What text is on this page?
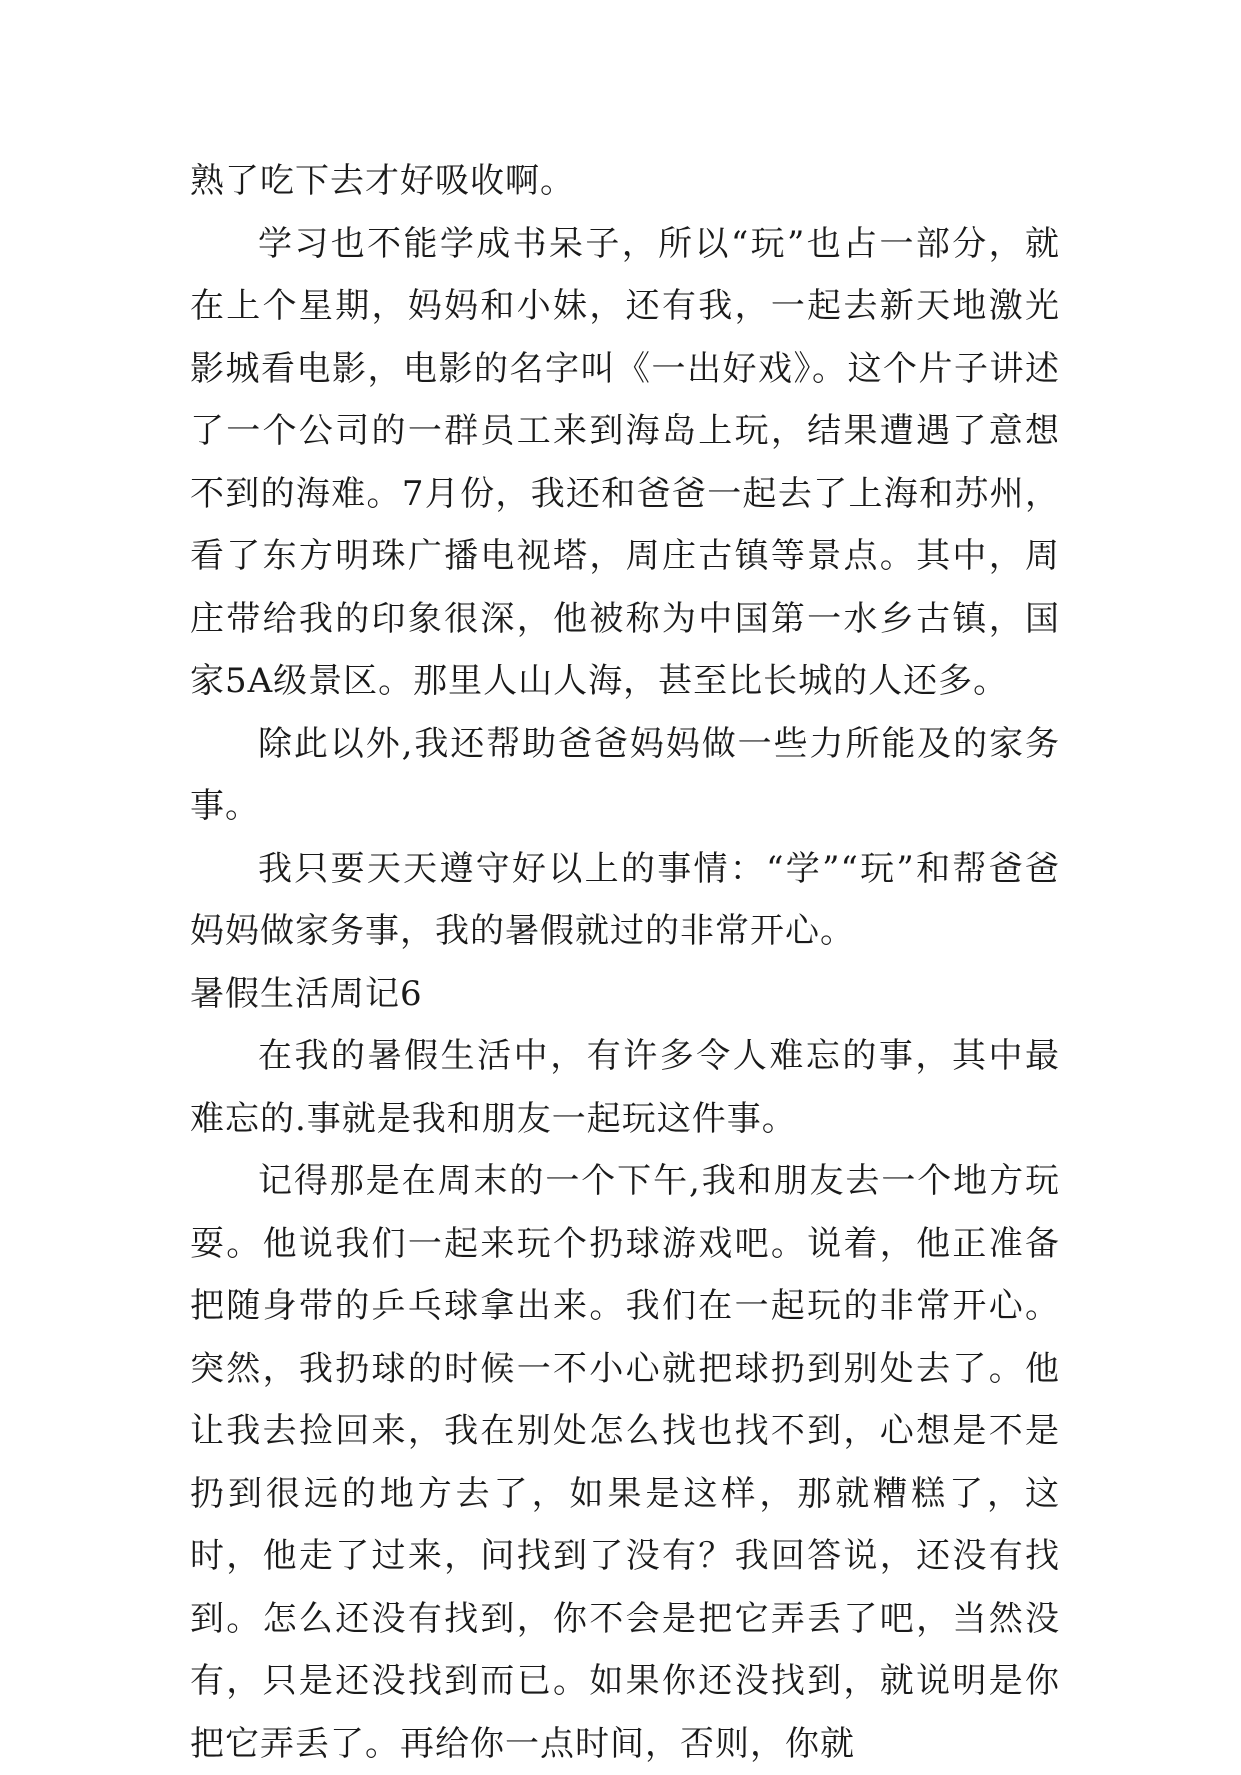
熟了吃下去才好吸收啊。

学习也不能学成书呆子，所以“玩”也占一部分，就在上个星期，妈妈和小妹，还有我，一起去新天地激光影城看电影，电影的名字叫《一出好戏》。这个片子讲述了一个公司的一群员工来到海岛上玩，结果遭遇了意想不到的海难。7月份，我还和爸爸一起去了上海和苏州，看了东方明珠广播电视塔，周庄古镇等景点。其中，周庄带给我的印象很深，他被称为中国第一水乡古镇，国家5A级景区。那里人山人海，甚至比长城的人还多。

除此以外,我还帮助爸爸妈妈做一些力所能及的家务事。

我只要天天遵守好以上的事情：“学”“玩”和帮爸爸妈妈做家务事，我的暑假就过的非常开心。

暑假生活周记6

在我的暑假生活中，有许多令人难忘的事，其中最难忘的.事就是我和朋友一起玩这件事。

记得那是在周末的一个下午,我和朋友去一个地方玩耍。他说我们一起来玩个扔球游戏吧。说着，他正准备把随身带的乒乓球拿出来。我们在一起玩的非常开心。突然，我扔球的时候一不小心就把球扔到别处去了。他让我去捡回来，我在别处怎么找也找不到，心想是不是扔到很远的地方去了，如果是这样，那就糟糕了，这时，他走了过来，问找到了没有？我回答说，还没有找到。怎么还没有找到，你不会是把它弄丢了吧，当然没有，只是还没找到而已。如果你还没找到，就说明是你把它弄丢了。再给你一点时间，否则，你就
